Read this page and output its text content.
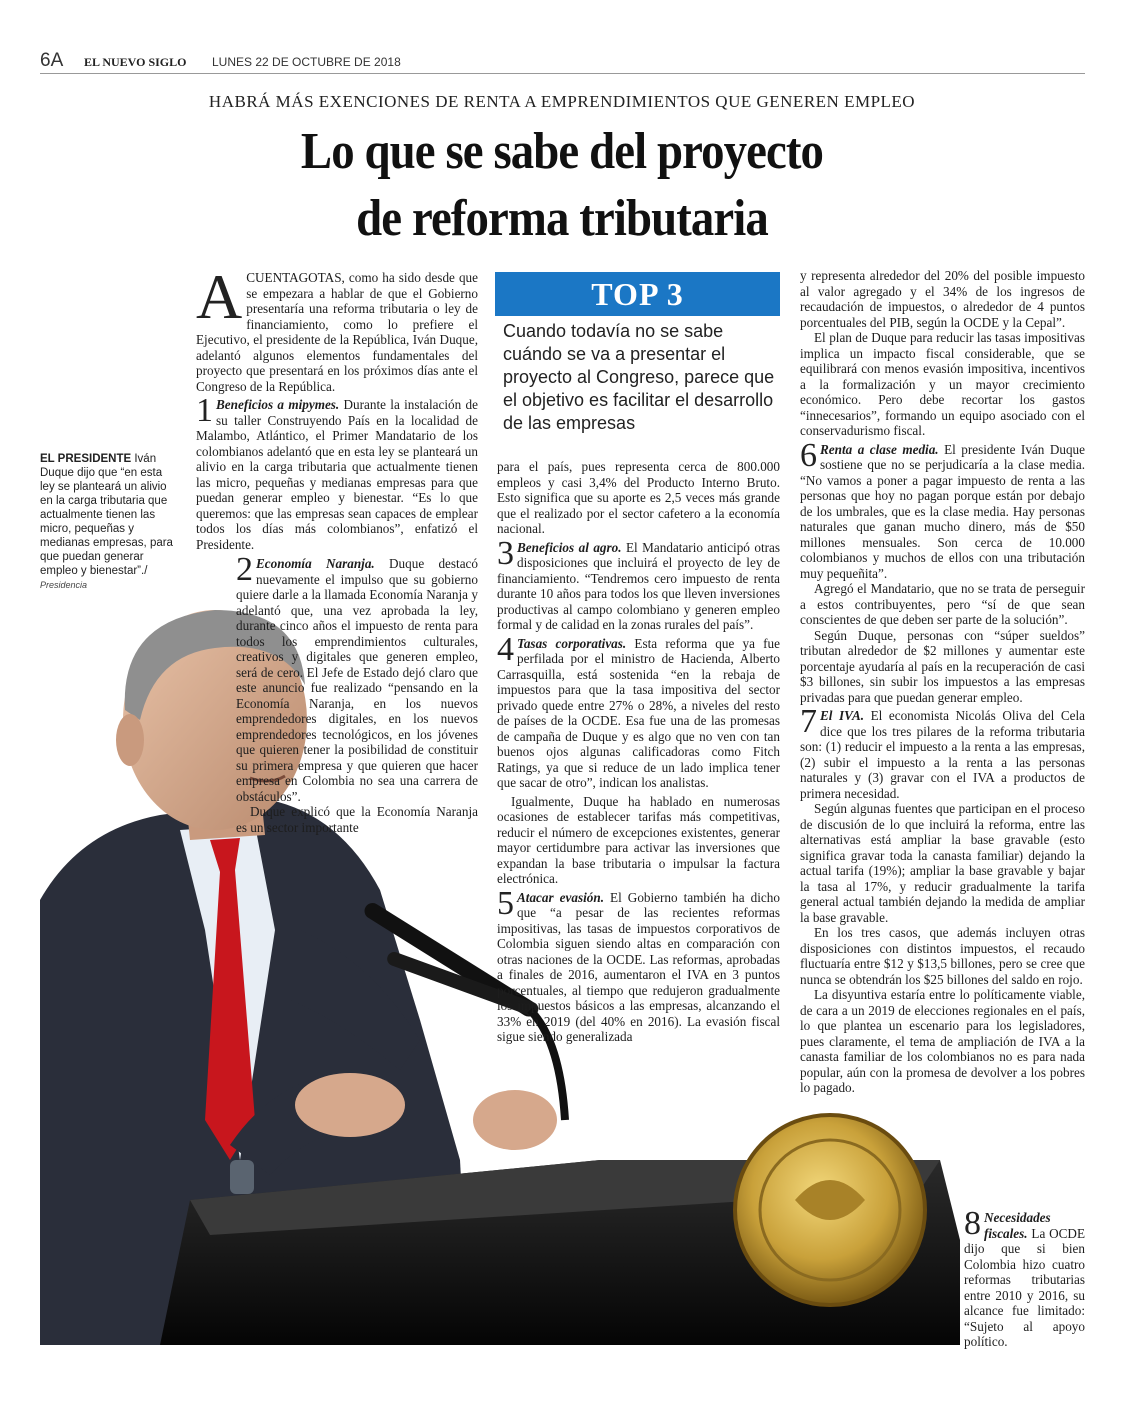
6A EL NUEVO SIGLO LUNES 22 DE OCTUBRE DE 2018
HABRÁ MÁS EXENCIONES DE RENTA A EMPRENDIMIENTOS QUE GENEREN EMPLEO
Lo que se sabe del proyecto
de reforma tributaria

ACUENTAGOTAS, como ha sido desde que se empezara a hablar de que el Gobierno presentaría una reforma tributaria o ley de financiamiento, como lo prefiere el Ejecutivo, el presidente de la República, Iván Duque, adelantó algunos elementos fundamentales del proyecto que presentará en los próximos días ante el Congreso de la República.

1 Beneficios a mipymes. Durante la instalación de su taller Construyendo País en la localidad de Malambo, Atlántico, el Primer Mandatario de los colombianos adelantó que en esta ley se planteará un alivio en la carga tributaria que actualmente tienen las micro, pequeñas y medianas empresas para que puedan generar empleo y bienestar. “Es lo que queremos: que las empresas sean capaces de emplear todos los días más colombianos”, enfatizó el Presidente.

2 Economía Naranja. Duque destacó nuevamente el impulso que su gobierno quiere darle a la llamada Economía Naranja y adelantó que, una vez aprobada la ley, durante cinco años el impuesto de renta para todos los emprendimientos culturales, creativos y digitales que generen empleo, será de cero. El Jefe de Estado dejó claro que este anuncio fue realizado “pensando en la Economía Naranja, en los nuevos emprendedores digitales, en los nuevos emprendedores tecnológicos, en los jóvenes que quieren tener la posibilidad de constituir su primera empresa y que quieren que hacer empresa en Colombia no sea una carrera de obstáculos”.

Duque explicó que la Economía Naranja es un sector importante

EL PRESIDENTE Iván Duque dijo que “en esta ley se planteará un alivio en la carga tributaria que actualmente tienen las micro, pequeñas y medianas empresas, para que puedan generar empleo y bienestar”./ Presidencia
TOP 3
Cuando todavía no se sabe cuándo se va a presentar el proyecto al Congreso, parece que el objetivo es facilitar el desarrollo de las empresas

para el país, pues representa cerca de 800.000 empleos y casi 3,4% del Producto Interno Bruto. Esto significa que su aporte es 2,5 veces más grande que el realizado por el sector cafetero a la economía nacional.

3 Beneficios al agro. El Mandatario anticipó otras disposiciones que incluirá el proyecto de ley de financiamiento. “Tendremos cero impuesto de renta durante 10 años para todos los que lleven inversiones productivas al campo colombiano y generen empleo formal y de calidad en la zonas rurales del país”.

4 Tasas corporativas. Esta reforma que ya fue perfilada por el ministro de Hacienda, Alberto Carrasquilla, está sostenida “en la rebaja de impuestos para que la tasa impositiva del sector privado quede entre 27% o 28%, a niveles del resto de países de la OCDE. Esa fue una de las promesas de campaña de Duque y es algo que no ven con tan buenos ojos algunas calificadoras como Fitch Ratings, ya que si reduce de un lado implica tener que sacar de otro”, indican los analistas.

Igualmente, Duque ha hablado en numerosas ocasiones de establecer tarifas más competitivas, reducir el número de excepciones existentes, generar mayor certidumbre para activar las inversiones que expandan la base tributaria o impulsar la factura electrónica.

5 Atacar evasión. El Gobierno también ha dicho que “a pesar de las recientes reformas impositivas, las tasas de impuestos corporativos de Colombia siguen siendo altas en comparación con otras naciones de la OCDE. Las reformas, aprobadas a finales de 2016, aumentaron el IVA en 3 puntos porcentuales, al tiempo que redujeron gradualmente los impuestos básicos a las empresas, alcanzando el 33% en 2019 (del 40% en 2016). La evasión fiscal sigue siendo generalizada

y representa alrededor del 20% del posible impuesto al valor agregado y el 34% de los ingresos de recaudación de impuestos, o alrededor de 4 puntos porcentuales del PIB, según la OCDE y la Cepal”.

El plan de Duque para reducir las tasas impositivas implica un impacto fiscal considerable, que se equilibrará con menos evasión impositiva, incentivos a la formalización y un mayor crecimiento económico. Pero debe recortar los gastos “innecesarios”, formando un equipo asociado con el conservadurismo fiscal.

6 Renta a clase media. El presidente Iván Duque sostiene que no se perjudicaría a la clase media. “No vamos a poner a pagar impuesto de renta a las personas que hoy no pagan porque están por debajo de los umbrales, que es la clase media. Hay personas naturales que ganan mucho dinero, más de $50 millones mensuales. Son cerca de 10.000 colombianos y muchos de ellos con una tributación muy pequeñita”.

Agregó el Mandatario, que no se trata de perseguir a estos contribuyentes, pero “sí de que sean conscientes de que deben ser parte de la solución”.

Según Duque, personas con “súper sueldos” tributan alrededor de $2 millones y aumentar este porcentaje ayudaría al país en la recuperación de casi $3 billones, sin subir los impuestos a las empresas privadas para que puedan generar empleo.

7 El IVA. El economista Nicolás Oliva del Cela dice que los tres pilares de la reforma tributaria son: (1) reducir el impuesto a la renta a las empresas, (2) subir el impuesto a la renta a las personas naturales y (3) gravar con el IVA a productos de primera necesidad.

Según algunas fuentes que participan en el proceso de discusión de lo que incluirá la reforma, entre las alternativas está ampliar la base gravable (esto significa gravar toda la canasta familiar) dejando la actual tarifa (19%); ampliar la base gravable y bajar la tasa al 17%, y reducir gradualmente la tarifa general actual también dejando la medida de ampliar la base gravable.

En los tres casos, que además incluyen otras disposiciones con distintos impuestos, el recaudo fluctuaría entre $12 y $13,5 billones, pero se cree que nunca se obtendrán los $25 billones del saldo en rojo.

La disyuntiva estaría entre lo políticamente viable, de cara a un 2019 de elecciones regionales en el país, lo que plantea un escenario para los legisladores, pues claramente, el tema de ampliación de IVA a la canasta familiar de los colombianos no es para nada popular, aún con la promesa de devolver a los pobres lo pagado.

8 Necesidades fiscales. La OCDE dijo que si bien Colombia hizo cuatro reformas tributarias entre 2010 y 2016, su alcance fue limitado: “Sujeto al apoyo político.
